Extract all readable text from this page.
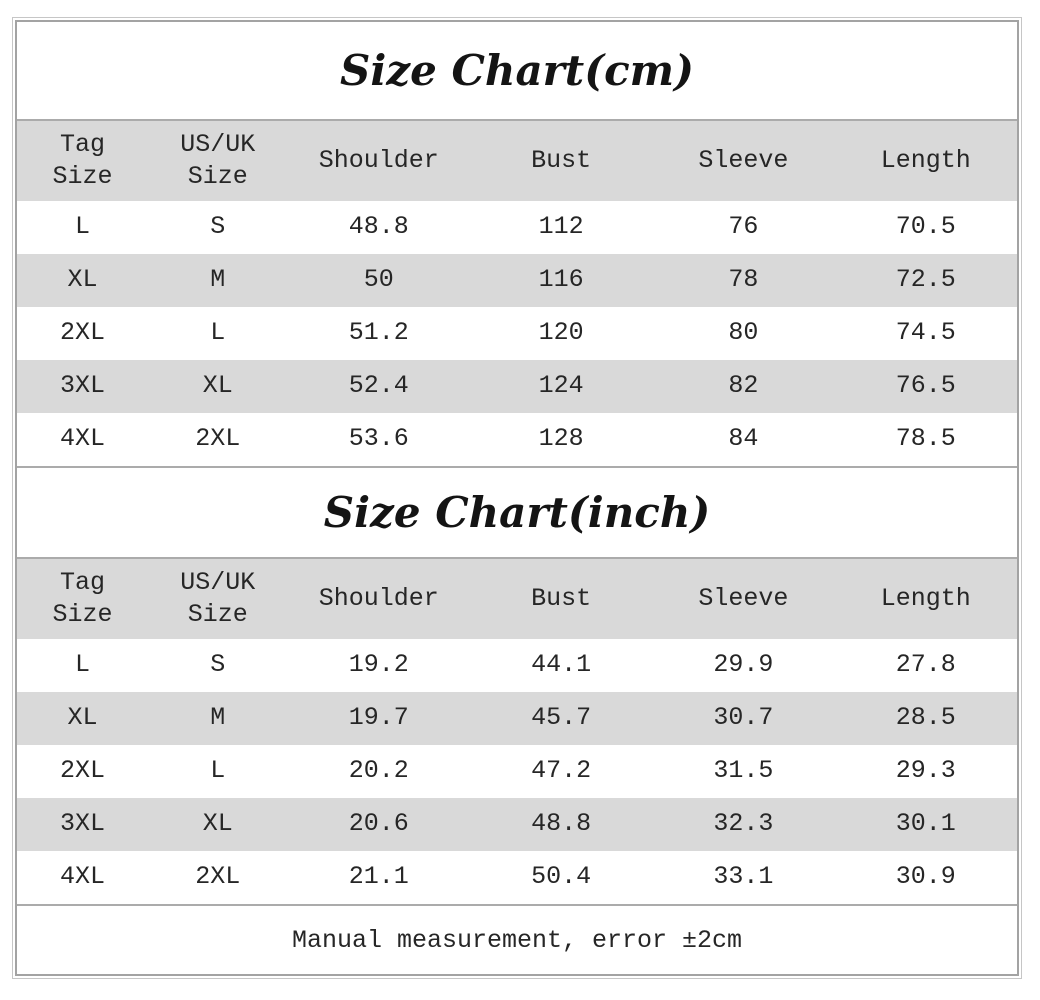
Size Chart(cm)
Tag Size	US/UK Size	Shoulder	Bust	Sleeve	Length
L	S	48.8	112	76	70.5
XL	M	50	116	78	72.5
2XL	L	51.2	120	80	74.5
3XL	XL	52.4	124	82	76.5
4XL	2XL	53.6	128	84	78.5
Size Chart(inch)
Tag Size	US/UK Size	Shoulder	Bust	Sleeve	Length
L	S	19.2	44.1	29.9	27.8
XL	M	19.7	45.7	30.7	28.5
2XL	L	20.2	47.2	31.5	29.3
3XL	XL	20.6	48.8	32.3	30.1
4XL	2XL	21.1	50.4	33.1	30.9
Manual measurement, error ±2cm
